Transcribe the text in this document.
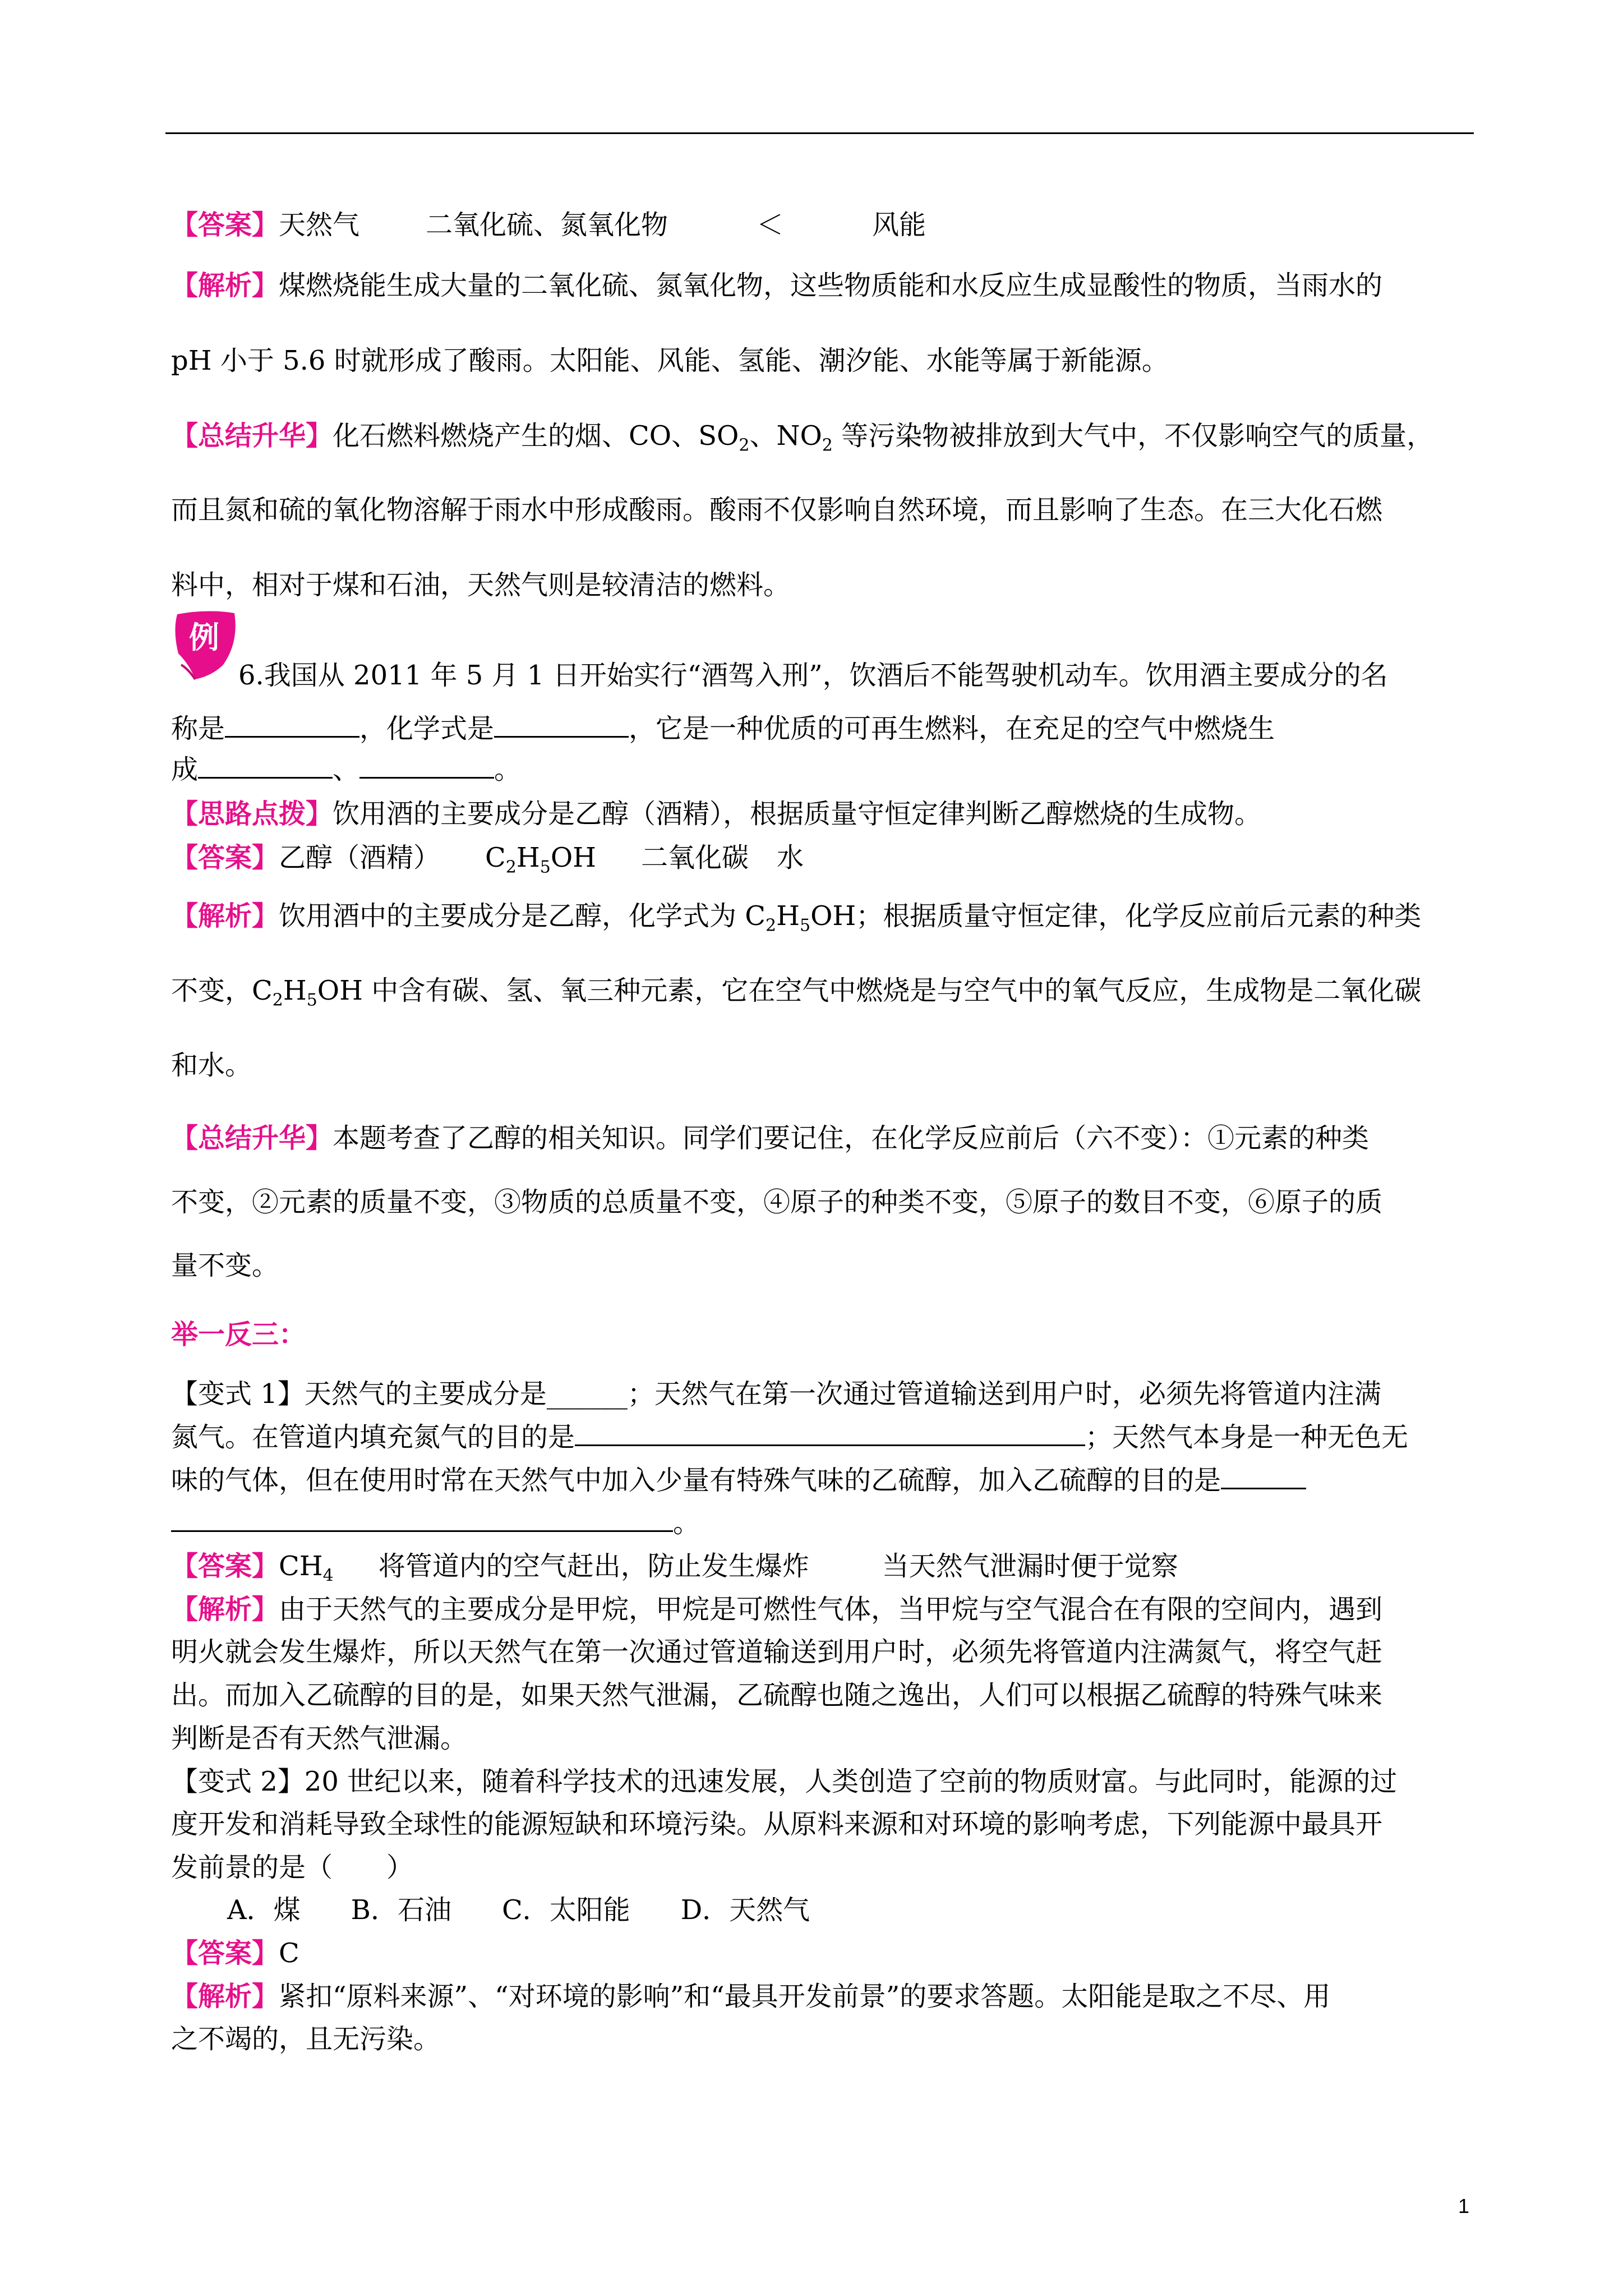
【答案】天然气 二氧化硫、氮氧化物	＜	风能
【解析】煤燃烧能生成大量的二氧化硫、氮氧化物，这些物质能和水反应生成显酸性的物质，当雨水的
pH 小于 5.6 时就形成了酸雨。太阳能、风能、氢能、潮汐能、水能等属于新能源。
【总结升华】化石燃料燃烧产生的烟、CO、$SO_2$、$NO_2$ 等污染物被排放到大气中，不仅影响空气的质量，
而且氮和硫的氧化物溶解于雨水中形成酸雨。酸雨不仅影响自然环境，而且影响了生态。在三大化石燃
料中，相对于煤和石油，天然气则是较清洁的燃料。
6.我国从 2011 年 5 月 1 日开始实行“酒驾入刑”，饮酒后不能驾驶机动车。饮用酒主要成分的名
称是	，化学式是	，它是一种优质的可再生燃料，在充足的空气中燃烧生
成	、	。
【思路点拨】饮用酒的主要成分是乙醇（酒精），根据质量守恒定律判断乙醇燃烧的生成物。
【答案】乙醇（酒精） $C_2H_5OH$ 二氧化碳 水
【解析】饮用酒中的主要成分是乙醇，化学式为 $C_2H_5OH$；根据质量守恒定律，化学反应前后元素的种类
不变，$C_2H_5OH$ 中含有碳、氢、氧三种元素，它在空气中燃烧是与空气中的氧气反应，生成物是二氧化碳
和水。
【总结升华】本题考查了乙醇的相关知识。同学们要记住，在化学反应前后（六不变）：①元素的种类
不变，②元素的质量不变，③物质的总质量不变，④原子的种类不变，⑤原子的数目不变，⑥原子的质
量不变。
举一反三：
【变式 1】天然气的主要成分是______；天然气在第一次通过管道输送到用户时，必须先将管道内注满
氮气。在管道内填充氮气的目的是	；天然气本身是一种无色无
味的气体，但在使用时常在天然气中加入少量有特殊气味的乙硫醇，加入乙硫醇的目的是
。
【答案】$CH_4$ 将管道内的空气赶出，防止发生爆炸	当天然气泄漏时便于觉察
【解析】由于天然气的主要成分是甲烷，甲烷是可燃性气体，当甲烷与空气混合在有限的空间内，遇到
明火就会发生爆炸，所以天然气在第一次通过管道输送到用户时，必须先将管道内注满氮气，将空气赶
出。而加入乙硫醇的目的是，如果天然气泄漏，乙硫醇也随之逸出，人们可以根据乙硫醇的特殊气味来
判断是否有天然气泄漏。
【变式 2】20 世纪以来，随着科学技术的迅速发展，人类创造了空前的物质财富。与此同时，能源的过
度开发和消耗导致全球性的能源短缺和环境污染。从原料来源和对环境的影响考虑，下列能源中最具开
发前景的是（　　）
A．煤 B．石油 C．太阳能 D．天然气
【答案】C
【解析】紧扣“原料来源”、“对环境的影响”和“最具开发前景”的要求答题。太阳能是取之不尽、用
之不竭的，且无污染。
例
1
